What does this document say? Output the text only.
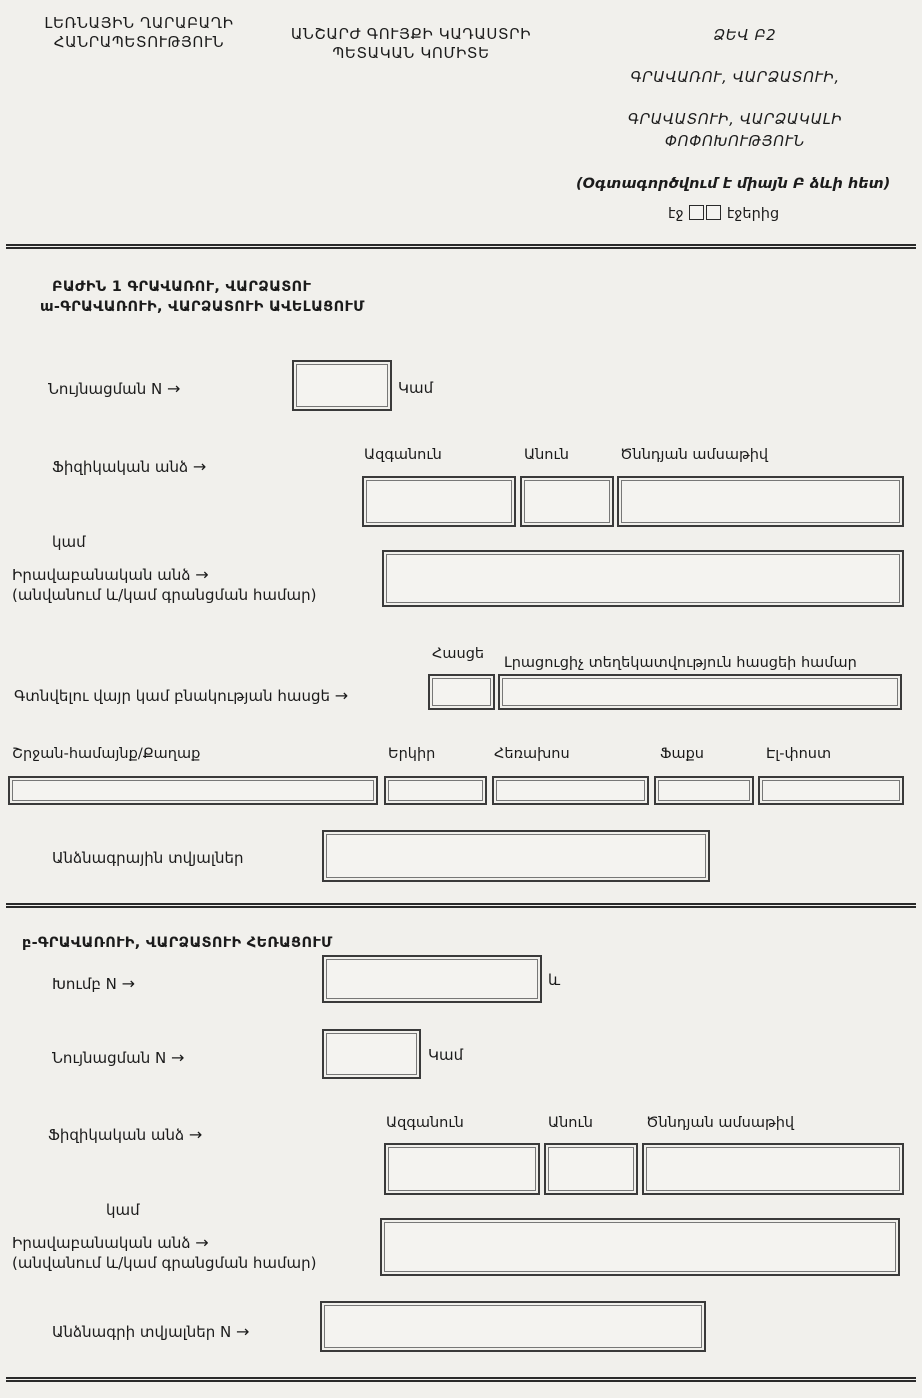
ԼԵՌՆԱՅԻՆ ՂԱՐԱԲԱՂԻ
ՀԱՆՐԱՊԵՏՈՒԹՅՈՒՆ	ԱՆՇԱՐԺ ԳՈՒՅՔԻ ԿԱԴԱՍՏՐԻ
ՊԵՏԱԿԱՆ ԿՈՄԻՏԵ
ՁԵՎ Բ2
ԳՐԱՎԱՌՈՒ, ՎԱՐՁԱՏՈՒԻ,
ԳՐԱՎԱՏՈՒԻ, ՎԱՐՁԱԿԱԼԻ
ՓՈՓՈԽՈՒԹՅՈՒՆ
(Օգտագործվում է միայն Բ ձևի հետ)
էջ	էջերից
ԲԱԺԻՆ 1 ԳՐԱՎԱՌՈՒ, ՎԱՐՁԱՏՈՒ
ա-ԳՐԱՎԱՌՈՒԻ, ՎԱՐՁԱՏՈՒԻ ԱՎԵԼԱՑՈՒՄ
Նույնացման N →	Կամ
Ազգանուն	Անուն	Ծննդյան ամսաթիվ
Ֆիզիկական անձ →
կամ
Իրավաբանական անձ →
(անվանում և/կամ գրանցման համար)
Հասցե
Լրացուցիչ տեղեկատվություն հասցեի համար
Գտնվելու վայր կամ բնակության հասցե →
Շրջան-համայնք/Քաղաք	Երկիր	Հեռախոս	Ֆաքս	Էլ-փոստ
Անձնագրային տվյալներ
բ-ԳՐԱՎԱՌՈՒԻ, ՎԱՐՁԱՏՈՒԻ ՀԵՌԱՑՈՒՄ
Խումբ N →	և
Նույնացման N →	Կամ
Ազգանուն	Անուն	Ծննդյան ամսաթիվ
Ֆիզիկական անձ →
կամ
Իրավաբանական անձ →
(անվանում և/կամ գրանցման համար)
Անձնագրի տվյալներ N →
